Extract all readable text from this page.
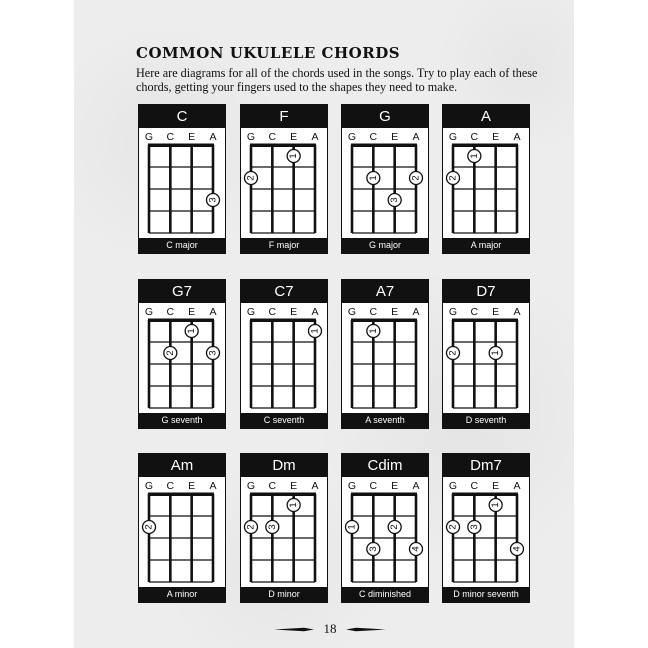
COMMON UKULELE CHORDS

Here are diagrams for all of the chords used in the songs. Try to play each of these chords, getting your fingers used to the shapes they need to make.

C
G C E A
3
C major
F
G C E A
1
2
F major
G
G C E A
1	2
3
G major
A
G C E A
1
2
A major
G7
G C E A
1
2	3
G seventh
C7
G C E A
1
C seventh
A7
G C E A
1
A seventh
D7
G C E A
2	1
D seventh
Am
G C E A
2
A minor
Dm
G C E A
1
2 3
D minor
Cdim
G C E A
1	2
3	4
C diminished
Dm7
G C E A
1
2 3
4
D minor seventh
18
